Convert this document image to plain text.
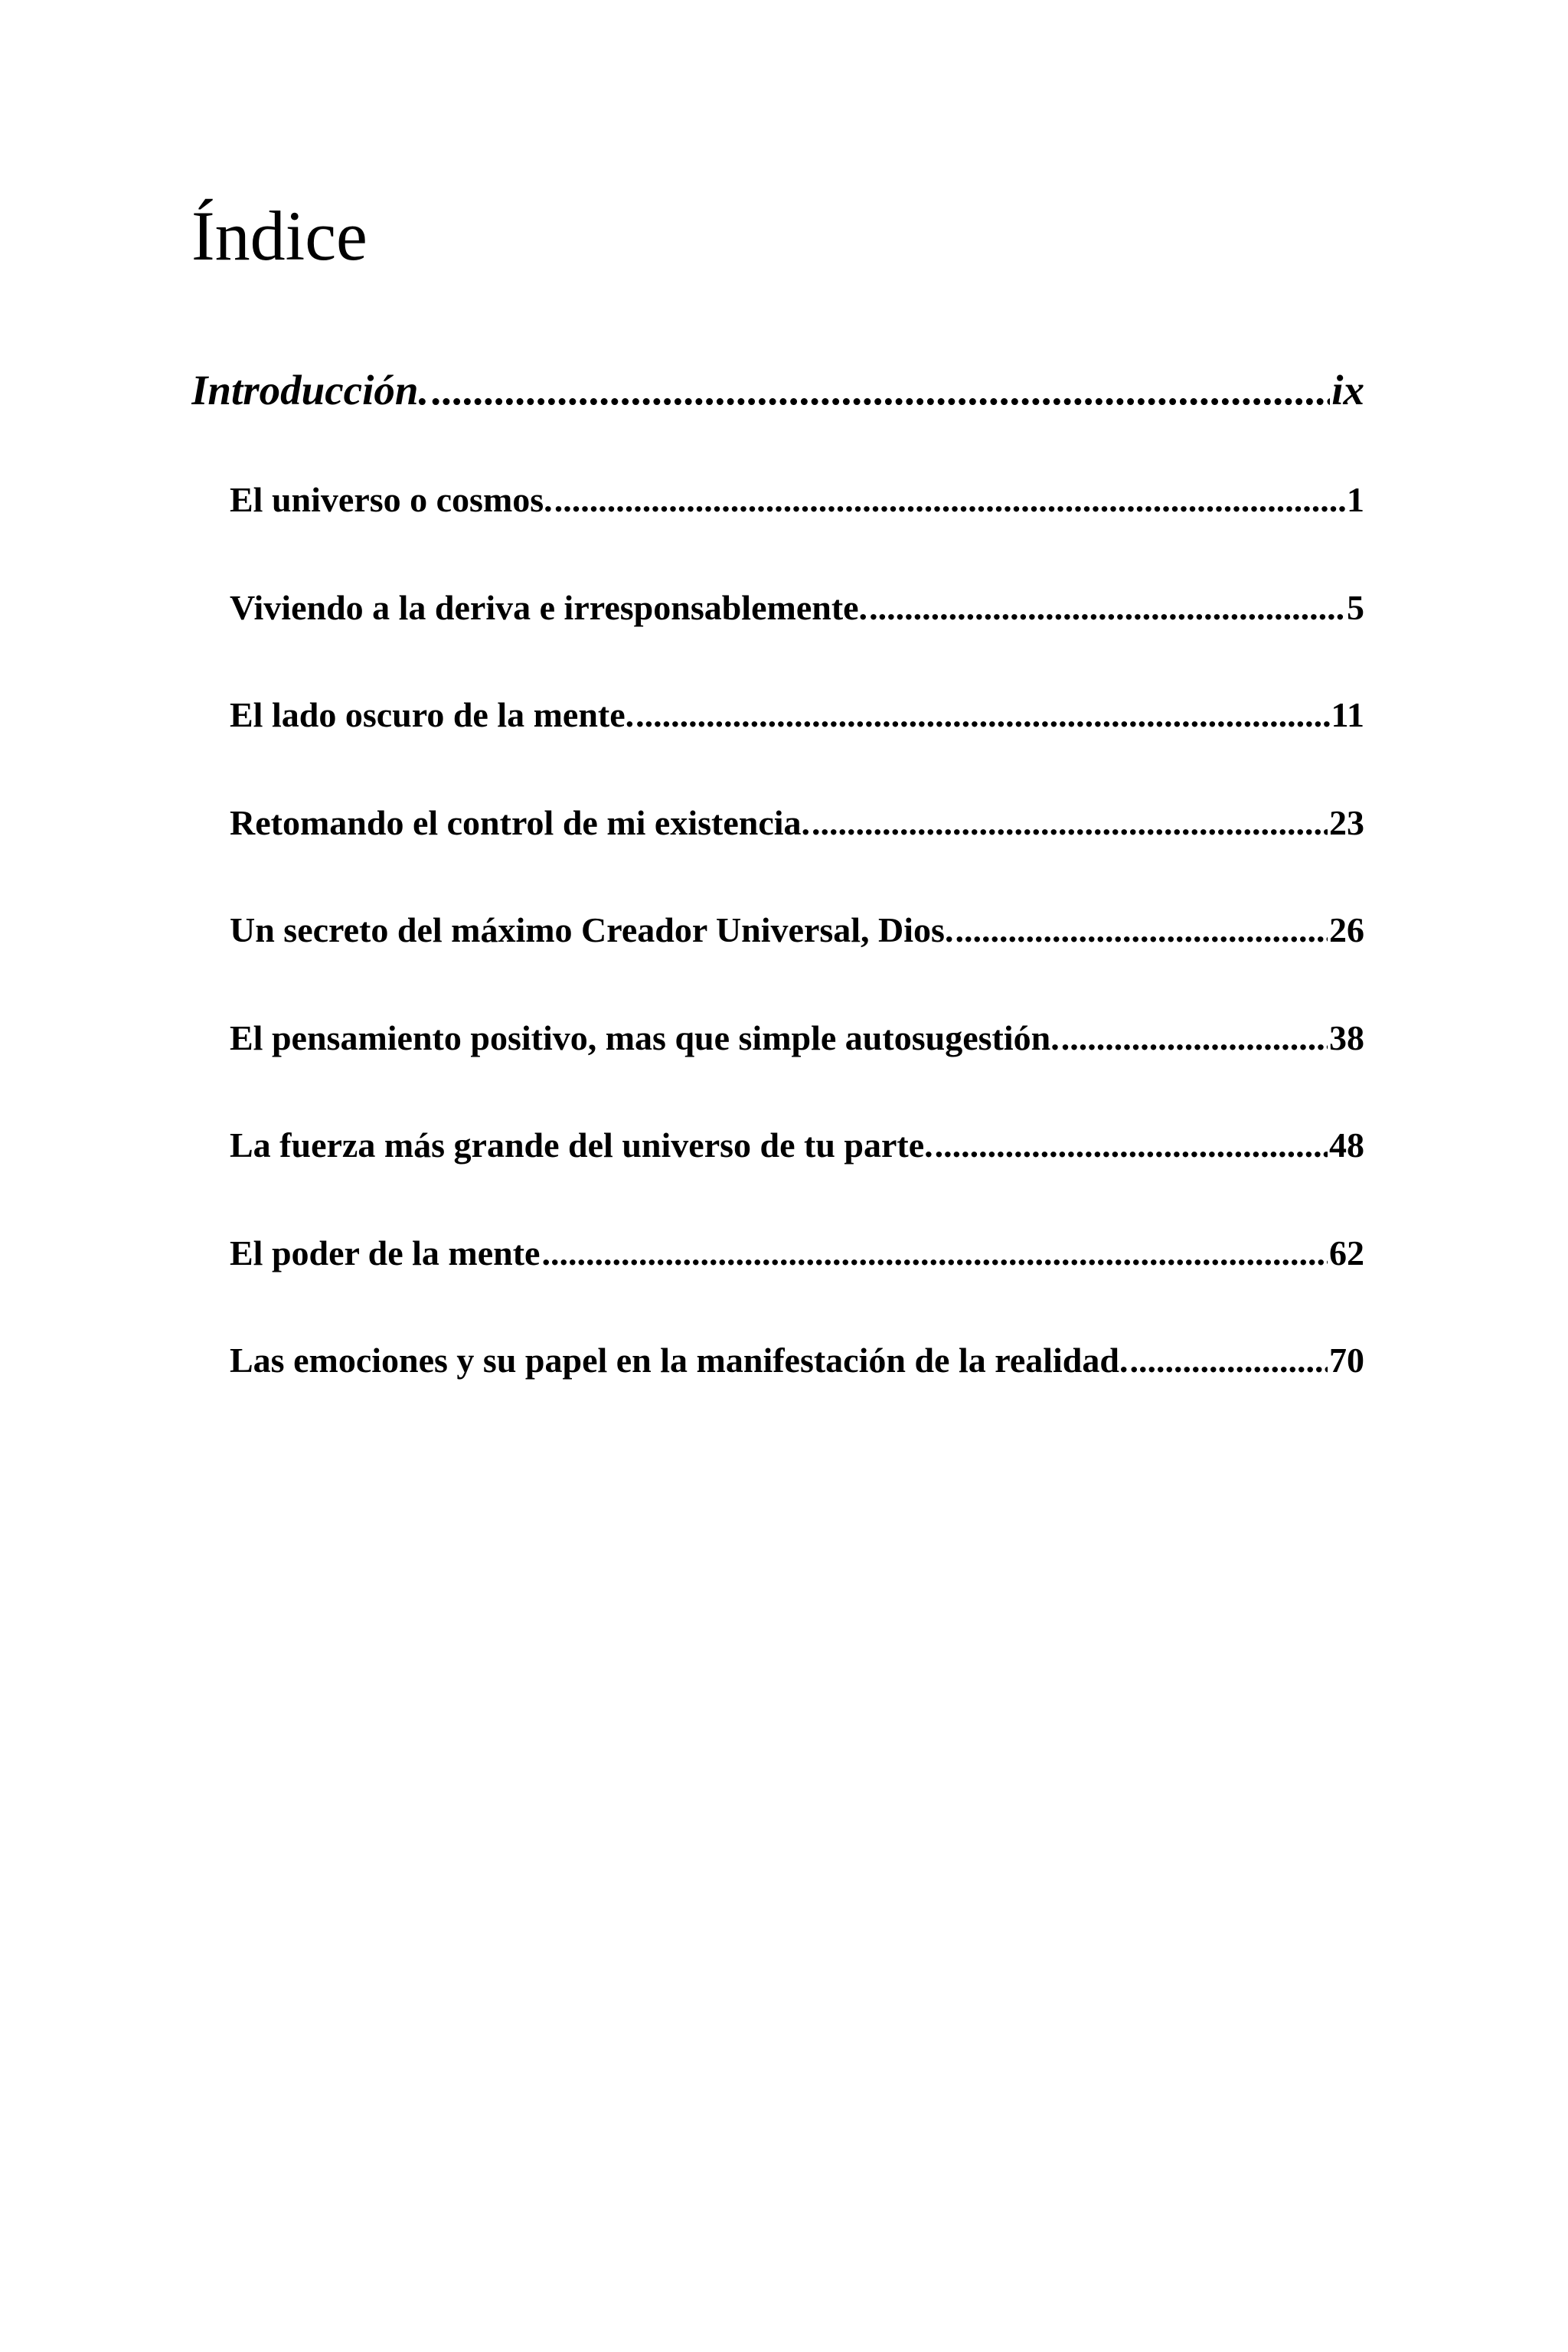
Índice
Introducción. .....	ix
El universo o cosmos. .....	1
Viviendo a la deriva e irresponsablemente. .....	5
El lado oscuro de la mente. .....	11
Retomando el control de mi existencia. .....	23
Un secreto del máximo Creador Universal, Dios. .....	26
El pensamiento positivo, mas que simple autosugestión. .....	38
La fuerza más grande del universo de tu parte. .....	48
El poder de la mente .....	62
Las emociones y su papel en la manifestación de la realidad. .....	70
